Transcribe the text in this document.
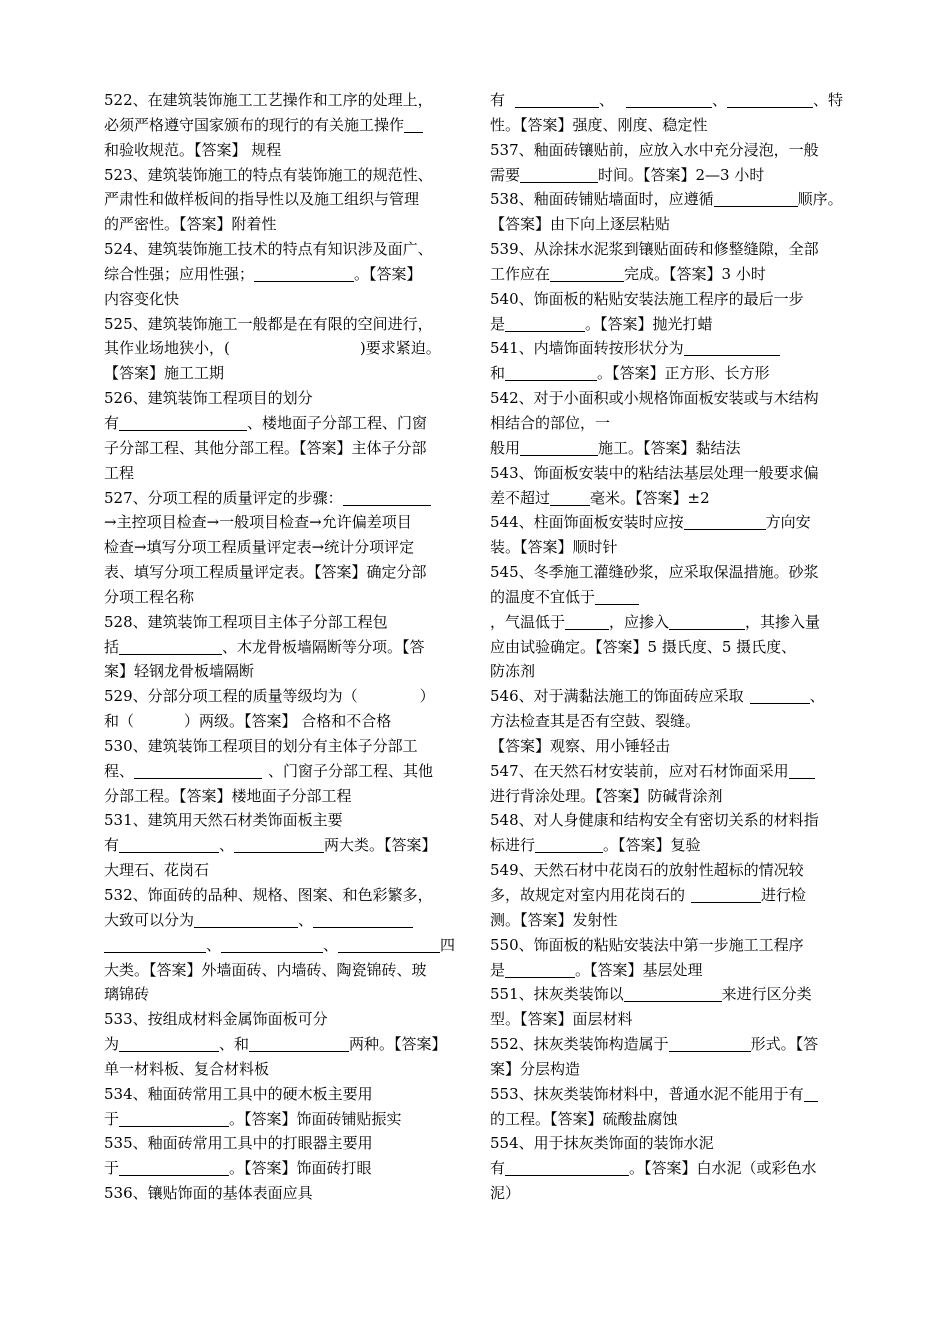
522、在建筑装饰施工工艺操作和工序的处理上，
必须严格遵守国家颁布的现行的有关施工操作
和验收规范。【答案】 规程
523、建筑装饰施工的特点有装饰施工的规范性、
严肃性和做样板间的指导性以及施工组织与管理
的严密性。【答案】附着性
524、建筑装饰施工技术的特点有知识涉及面广、
综合性强；应用性强；	。【答案】
内容变化快
525、建筑装饰施工一般都是在有限的空间进行，
其作业场地狭小，(	)要求紧迫。
【答案】施工工期
526、建筑装饰工程项目的划分
有	、楼地面子分部工程、门窗
子分部工程、其他分部工程。【答案】主体子分部
工程
527、分项工程的质量评定的步骤：
→主控项目检查→一般项目检查→允许偏差项目
检查→填写分项工程质量评定表→统计分项评定
表、填写分项工程质量评定表。【答案】确定分部
分项工程名称
528、建筑装饰工程项目主体子分部工程包
括	、木龙骨板墙隔断等分项。【答
案】轻钢龙骨板墙隔断
529、分部分项工程的质量等级均为（	）
和（	）两级。【答案】 合格和不合格
530、建筑装饰工程项目的划分有主体子分部工
程、	、门窗子分部工程、其他
分部工程。【答案】楼地面子分部工程
531、建筑用天然石材类饰面板主要
有	、	两大类。【答案】
大理石、花岗石
532、饰面砖的品种、规格、图案、和色彩繁多，
大致可以分为	、
、	、	四
大类。【答案】外墙面砖、内墙砖、陶瓷锦砖、玻
璃锦砖
533、按组成材料金属饰面板可分
为	、和	两种。【答案】
单一材料板、复合材料板
534、釉面砖常用工具中的硬木板主要用
于	。【答案】饰面砖铺贴振实
535、釉面砖常用工具中的打眼器主要用
于	。【答案】饰面砖打眼
536、镶贴饰面的基体表面应具
有	、	、	、特
性。【答案】强度、刚度、稳定性
537、釉面砖镶贴前，应放入水中充分浸泡，一般
需要	时间。【答案】2—3 小时
538、釉面砖铺贴墙面时，应遵循	顺序。
【答案】由下向上逐层粘贴
539、从涂抹水泥浆到镶贴面砖和修整缝隙，全部
工作应在	完成。【答案】3 小时
540、饰面板的粘贴安装法施工程序的最后一步
是	。【答案】抛光打蜡
541、内墙饰面转按形状分为
和	。【答案】正方形、长方形
542、对于小面积或小规格饰面板安装或与木结构
相结合的部位，一
般用	施工。【答案】黏结法
543、饰面板安装中的粘结法基层处理一般要求偏
差不超过	毫米。【答案】±2
544、柱面饰面板安装时应按	方向安
装。【答案】顺时针
545、冬季施工灌缝砂浆，应采取保温措施。砂浆
的温度不宜低于
，气温低于	，应掺入	，其掺入量
应由试验确定。【答案】5 摄氏度、5 摄氏度、
防冻剂
546、对于满黏法施工的饰面砖应采取	、
方法检查其是否有空鼓、裂缝。
【答案】观察、用小锤轻击
547、在天然石材安装前，应对石材饰面采用
进行背涂处理。【答案】防碱背涂剂
548、对人身健康和结构安全有密切关系的材料指
标进行	。【答案】复验
549、天然石材中花岗石的放射性超标的情况较
多，故规定对室内用花岗石的	进行检
测。【答案】发射性
550、饰面板的粘贴安装法中第一步施工工程序
是	。【答案】基层处理
551、抹灰类装饰以	来进行区分类
型。【答案】面层材料
552、抹灰类装饰构造属于	形式。【答
案】分层构造
553、抹灰类装饰材料中，普通水泥不能用于有
的工程。【答案】硫酸盐腐蚀
554、用于抹灰类饰面的装饰水泥
有	。【答案】白水泥（或彩色水
泥）
